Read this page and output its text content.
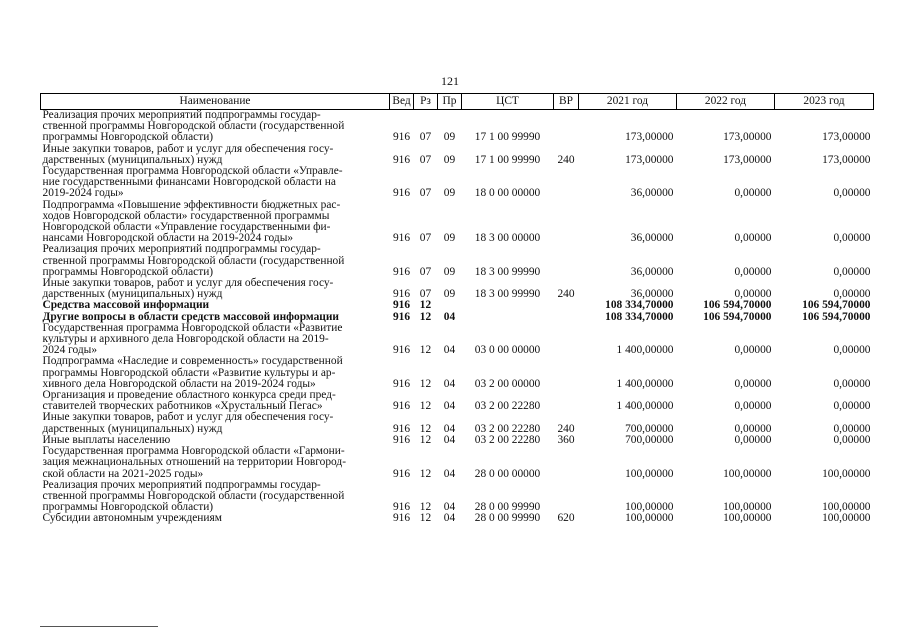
121
Наименование	Вед	Рз	Пр	ЦСТ	ВР	2021 год	2022 год	2023 год

Реализация прочих мероприятий подпрограммы государ-
ственной программы Новгородской области (государственной
программы Новгородской области)	916	07	09	17 1 00 99990		173,00000	173,00000	173,00000

Иные закупки товаров, работ и услуг для обеспечения госу-
дарственных (муниципальных) нужд	916	07	09	17 1 00 99990	240	173,00000	173,00000	173,00000

Государственная программа Новгородской области «Управле-
ние государственными финансами Новгородской области на
2019-2024 годы»	916	07	09	18 0 00 00000		36,00000	0,00000	0,00000

Подпрограмма «Повышение эффективности бюджетных рас-
ходов Новгородской области» государственной программы
Новгородской области «Управление государственными фи-
нансами Новгородской области на 2019-2024 годы»	916	07	09	18 3 00 00000		36,00000	0,00000	0,00000

Реализация прочих мероприятий подпрограммы государ-
ственной программы Новгородской области (государственной
программы Новгородской области)	916	07	09	18 3 00 99990		36,00000	0,00000	0,00000

Иные закупки товаров, работ и услуг для обеспечения госу-
дарственных (муниципальных) нужд	916	07	09	18 3 00 99990	240	36,00000	0,00000	0,00000

Средства массовой информации	916	12				108 334,70000	106 594,70000	106 594,70000

Другие вопросы в области средств массовой информации	916	12	04			108 334,70000	106 594,70000	106 594,70000

Государственная программа Новгородской области «Развитие
культуры и архивного дела Новгородской области на 2019-
2024 годы»	916	12	04	03 0 00 00000		1 400,00000	0,00000	0,00000

Подпрограмма «Наследие и современность» государственной
программы Новгородской области «Развитие культуры и ар-
хивного дела Новгородской области на 2019-2024 годы»	916	12	04	03 2 00 00000		1 400,00000	0,00000	0,00000

Организация и проведение областного конкурса среди пред-
ставителей творческих работников «Хрустальный Пегас»	916	12	04	03 2 00 22280		1 400,00000	0,00000	0,00000

Иные закупки товаров, работ и услуг для обеспечения госу-
дарственных (муниципальных) нужд	916	12	04	03 2 00 22280	240	700,00000	0,00000	0,00000

Иные выплаты населению	916	12	04	03 2 00 22280	360	700,00000	0,00000	0,00000

Государственная программа Новгородской области «Гармони-
зация межнациональных отношений на территории Новгород-
ской области на 2021-2025 годы»	916	12	04	28 0 00 00000		100,00000	100,00000	100,00000

Реализация прочих мероприятий подпрограммы государ-
ственной программы Новгородской области (государственной
программы Новгородской области)	916	12	04	28 0 00 99990		100,00000	100,00000	100,00000

Субсидии автономным учреждениям	916	12	04	28 0 00 99990	620	100,00000	100,00000	100,00000
